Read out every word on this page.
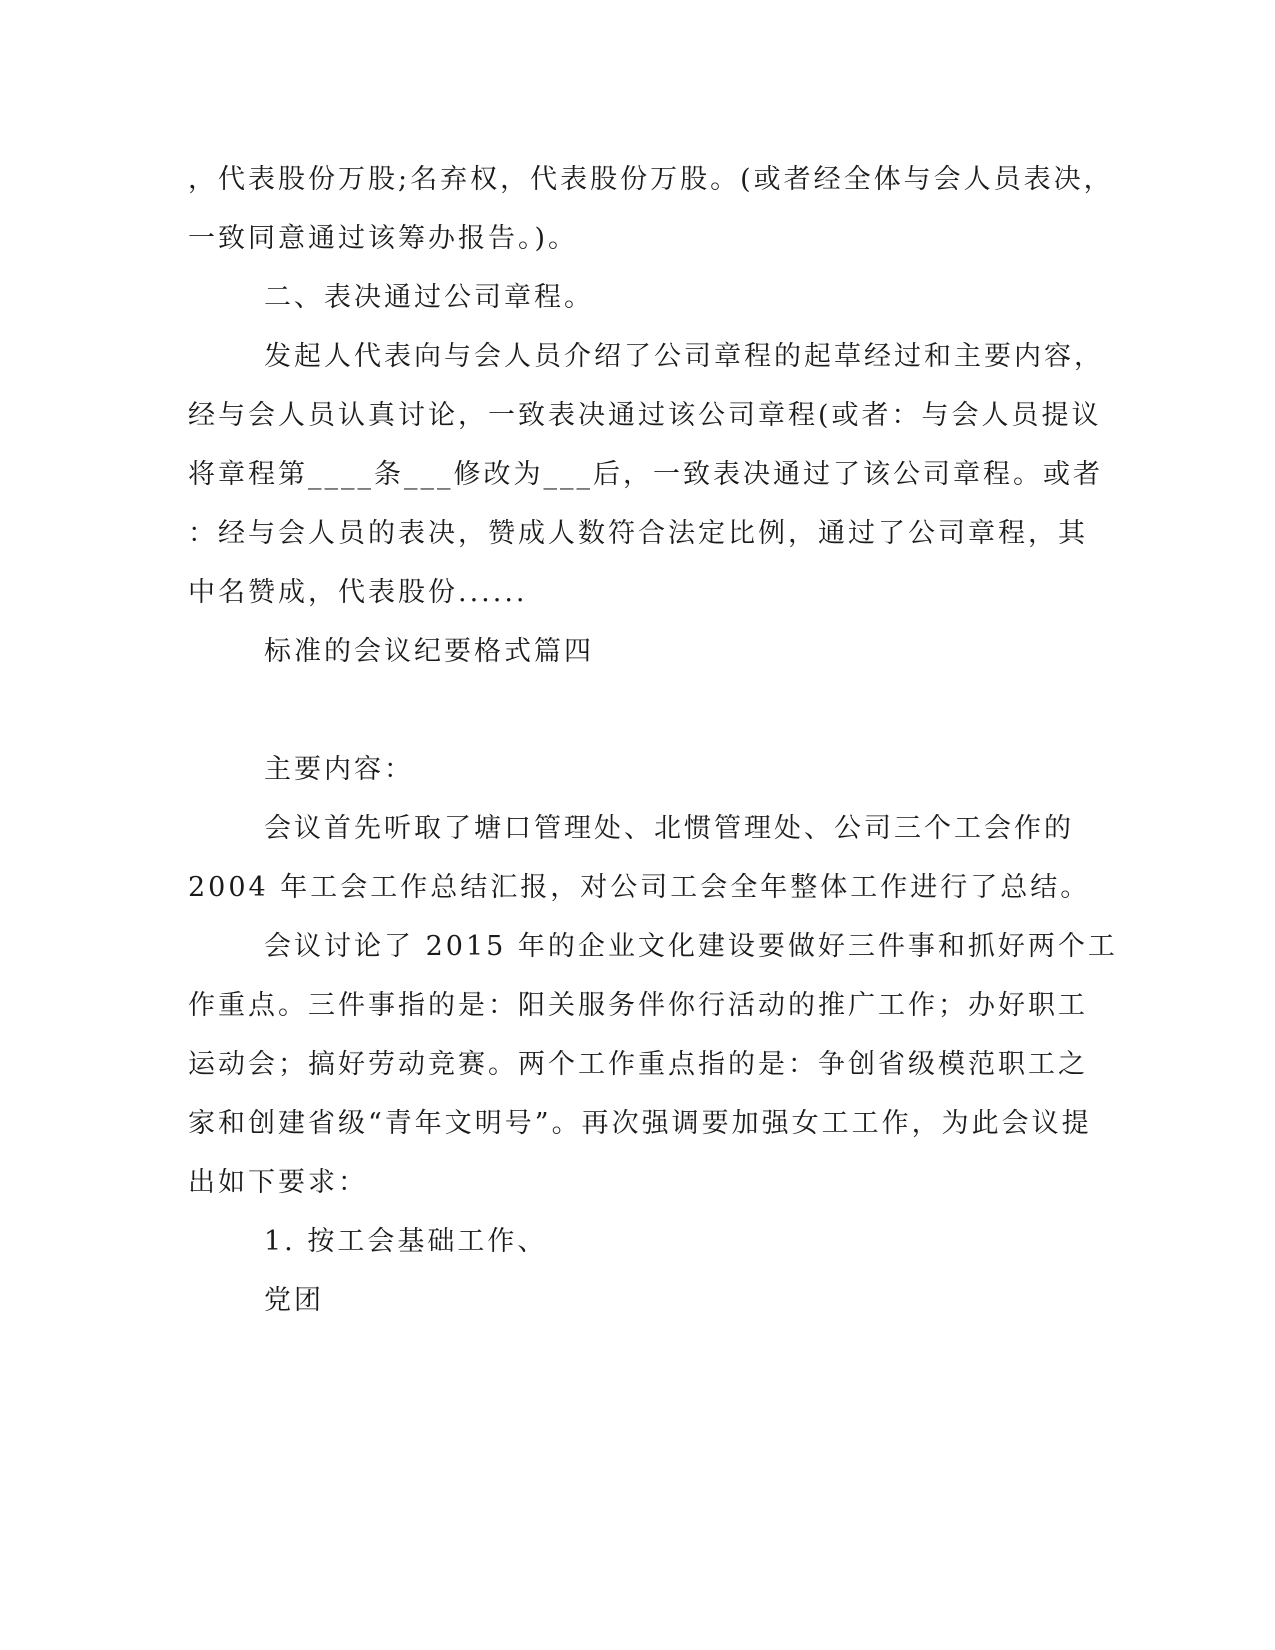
，代表股份万股;名弃权，代表股份万股。(或者经全体与会人员表决，
一致同意通过该筹办报告。)。
二、表决通过公司章程。
发起人代表向与会人员介绍了公司章程的起草经过和主要内容，
经与会人员认真讨论，一致表决通过该公司章程(或者：与会人员提议
将章程第____条___修改为___后，一致表决通过了该公司章程。或者
：经与会人员的表决，赞成人数符合法定比例，通过了公司章程，其
中名赞成，代表股份......
标准的会议纪要格式篇四
主要内容：
会议首先听取了塘口管理处、北惯管理处、公司三个工会作的
2004 年工会工作总结汇报，对公司工会全年整体工作进行了总结。
会议讨论了 2015 年的企业文化建设要做好三件事和抓好两个工
作重点。三件事指的是：阳关服务伴你行活动的推广工作；办好职工
运动会；搞好劳动竞赛。两个工作重点指的是：争创省级模范职工之
家和创建省级“青年文明号”。再次强调要加强女工工作，为此会议提
出如下要求：
1. 按工会基础工作、
党团
